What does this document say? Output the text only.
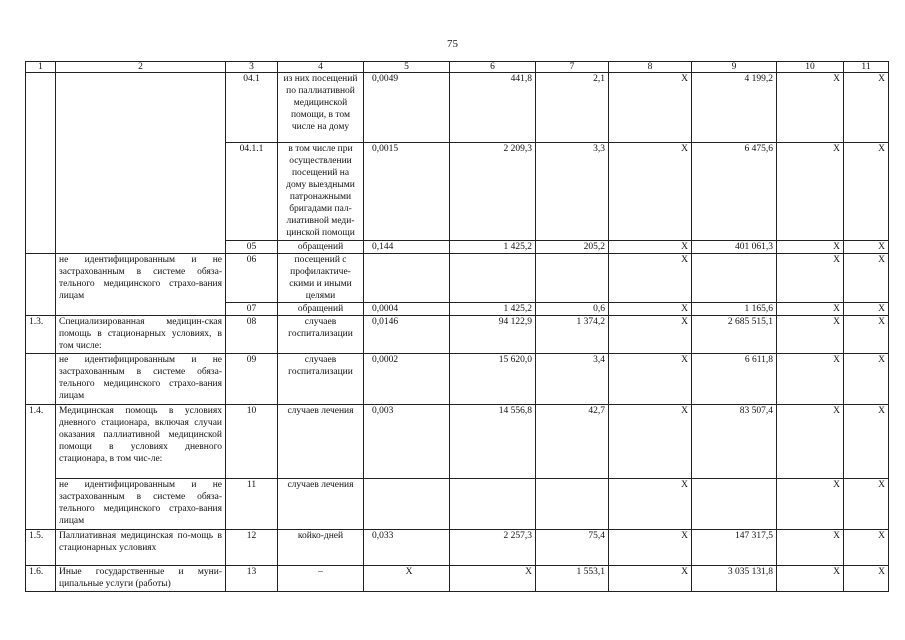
75
1	2	3	4	5	6	7	8	9	10	11
		04.1	из них посещений по паллиативной медицинской помощи, в том числе на дому	0,0049	441,8	2,1	X	4 199,2	X	X
		04.1.1	в том числе при осуществлении посещений на дому выездными патронажными бригадами пал-лиативной меди-цинской помощи	0,0015	2 209,3	3,3	X	6 475,6	X	X
		05	обращений	0,144	1 425,2	205,2	X	401 061,3	X	X
	не идентифицированным и не застрахованным в системе обяза-тельного медицинского страхо-вания лицам	06	посещений с профилактиче-скими и иными целями				X		X	X
		07	обращений	0,0004	1 425,2	0,6	X	1 165,6	X	X
1.3.	Специализированная медицин-ская помощь в стационарных условиях, в том числе:	08	случаев госпитализации	0,0146	94 122,9	1 374,2	X	2 685 515,1	X	X
	не идентифицированным и не застрахованным в системе обяза-тельного медицинского страхо-вания лицам	09	случаев госпитализации	0,0002	15 620,0	3,4	X	6 611,8	X	X
1.4.	Медицинская помощь в условиях дневного стационара, включая случаи оказания паллиативной медицинской помощи в условиях дневного стационара, в том чис-ле:	10	случаев лечения	0,003	14 556,8	42,7	X	83 507,4	X	X
	не идентифицированным и не застрахованным в системе обяза-тельного медицинского страхо-вания лицам	11	случаев лечения				X		X	X
1.5.	Паллиативная медицинская по-мощь в стационарных условиях	12	койко-дней	0,033	2 257,3	75,4	X	147 317,5	X	X
1.6.	Иные государственные и муни-ципальные услуги (работы)	13	–	X	X	1 553,1	X	3 035 131,8	X	X
